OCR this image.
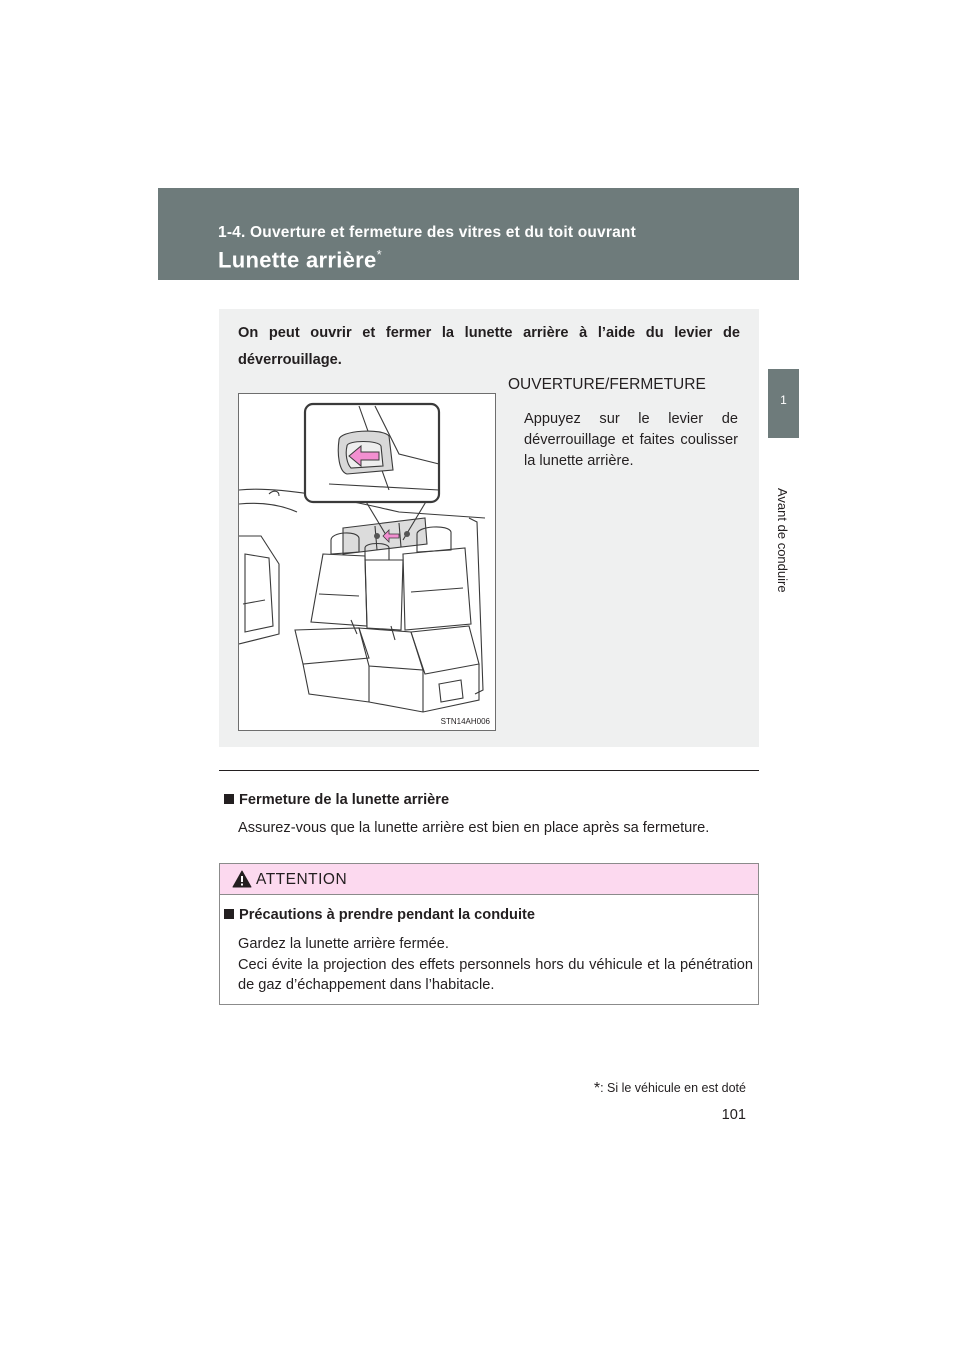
1-4. Ouverture et fermeture des vitres et du toit ouvrant
Lunette arrière*
1
Avant de conduire
On peut ouvrir et fermer la lunette arrière à l’aide du levier de déverrouillage.
STN14AH006
OUVERTURE/FERMETURE
Appuyez sur le levier de déverrouillage et faites coulisser la lunette arrière.
Fermeture de la lunette arrière
Assurez-vous que la lunette arrière est bien en place après sa fermeture.
ATTENTION
Précautions à prendre pendant la conduite
Gardez la lunette arrière fermée.
Ceci évite la projection des effets personnels hors du véhicule et la pénétration de gaz d’échappement dans l’habitacle.
*: Si le véhicule en est doté
101
